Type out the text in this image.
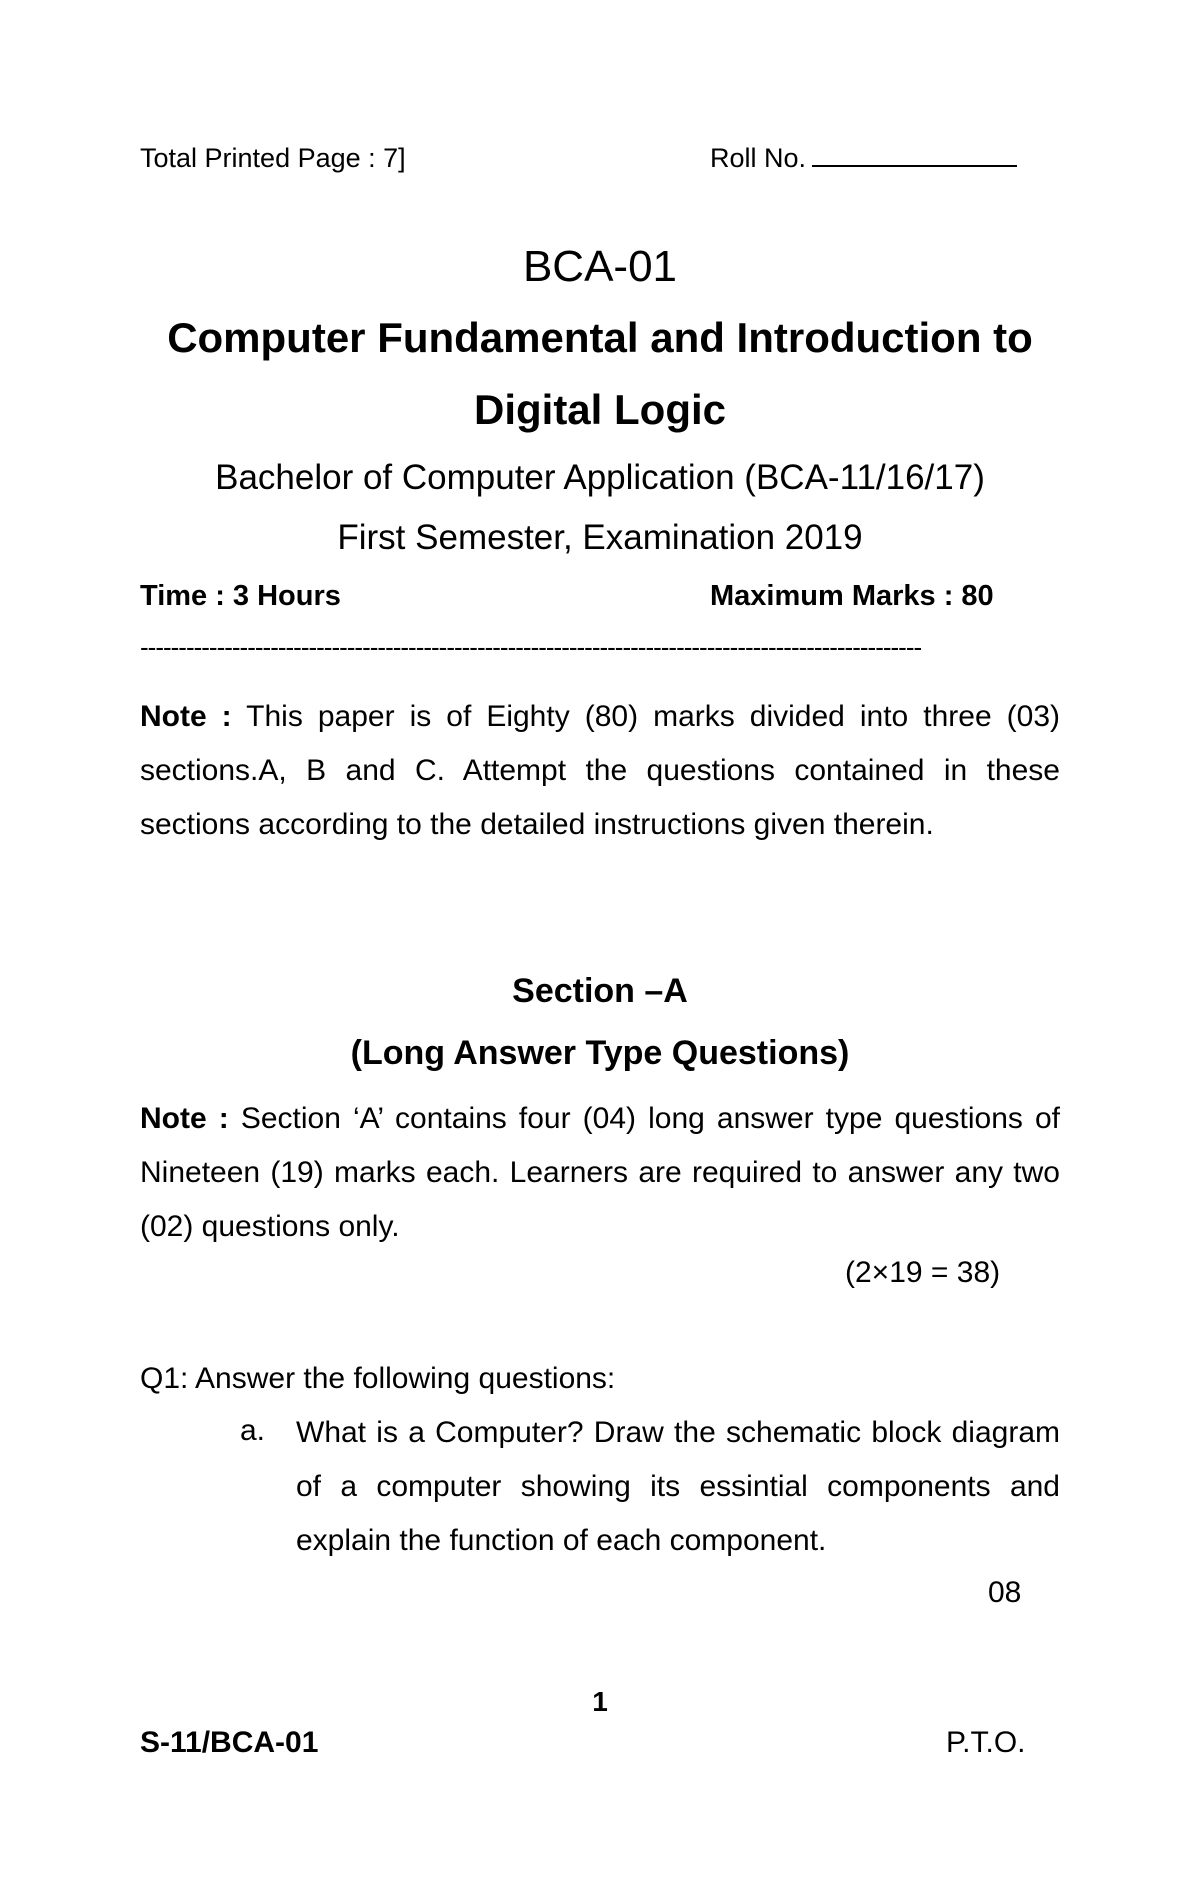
Total Printed Page : 7]	Roll No.
BCA-01
Computer Fundamental and Introduction to
Digital Logic
Bachelor of Computer Application (BCA-11/16/17)
First Semester, Examination 2019
Time : 3 Hours	Maximum Marks : 80
------------------------------------------------------------------------------------------------------
Note : This paper is of Eighty (80) marks divided into three (03) sections.A, B and C. Attempt the questions contained in these sections according to the detailed instructions given therein.
Section –A
(Long Answer Type Questions)
Note : Section ‘A’ contains four (04) long answer type questions of Nineteen (19) marks each. Learners are required to answer any two (02) questions only.
(2×19 = 38)
Q1: Answer the following questions:
a. What is a Computer? Draw the schematic block diagram of a computer showing its essintial components and explain the function of each component.
08
1
S-11/BCA-01	P.T.O.
